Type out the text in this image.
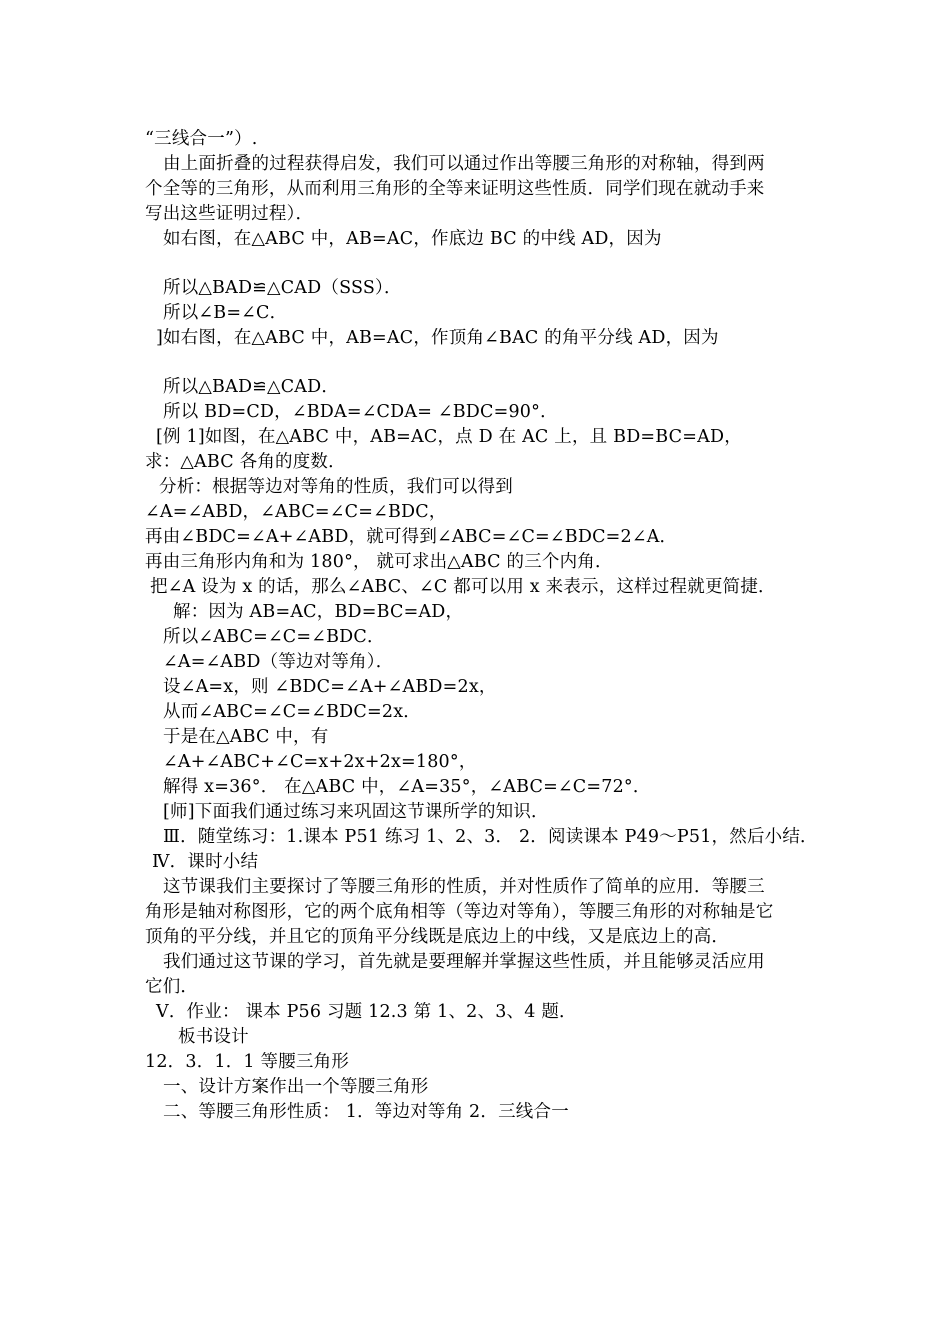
“三线合一”）.
由上面折叠的过程获得启发，我们可以通过作出等腰三角形的对称轴，得到两
个全等的三角形，从而利用三角形的全等来证明这些性质．同学们现在就动手来
写出这些证明过程）．
如右图，在△ABC 中，AB=AC，作底边 BC 的中线 AD，因为
所以△BAD≌△CAD（SSS）．
所以∠B=∠C．
]如右图，在△ABC 中，AB=AC，作顶角∠BAC 的角平分线 AD，因为
所以△BAD≌△CAD．
所以 BD=CD，∠BDA=∠CDA= ∠BDC=90°．
[例 1]如图，在△ABC 中，AB=AC，点 D 在 AC 上，且 BD=BC=AD，
求：△ABC 各角的度数．
分析：根据等边对等角的性质，我们可以得到
∠A=∠ABD，∠ABC=∠C=∠BDC，
再由∠BDC=∠A+∠ABD，就可得到∠ABC=∠C=∠BDC=2∠A．
再由三角形内角和为 180°， 就可求出△ABC 的三个内角．
把∠A 设为 x 的话，那么∠ABC、∠C 都可以用 x 来表示，这样过程就更简捷．
解：因为 AB=AC，BD=BC=AD，
所以∠ABC=∠C=∠BDC．
∠A=∠ABD（等边对等角）．
设∠A=x，则 ∠BDC=∠A+∠ABD=2x，
从而∠ABC=∠C=∠BDC=2x．
于是在△ABC 中，有
∠A+∠ABC+∠C=x+2x+2x=180°，
解得 x=36°． 在△ABC 中，∠A=35°，∠ABC=∠C=72°．
[师]下面我们通过练习来巩固这节课所学的知识．
Ⅲ．随堂练习：1.课本 P51 练习 1、2、3． 2．阅读课本 P49～P51，然后小结．
Ⅳ．课时小结
这节课我们主要探讨了等腰三角形的性质，并对性质作了简单的应用．等腰三
角形是轴对称图形，它的两个底角相等（等边对等角），等腰三角形的对称轴是它
顶角的平分线，并且它的顶角平分线既是底边上的中线，又是底边上的高．
我们通过这节课的学习，首先就是要理解并掌握这些性质，并且能够灵活应用
它们．
Ⅴ．作业： 课本 P56 习题 12.3 第 1、2、3、4 题．
板书设计
12．3．1．1 等腰三角形
一、设计方案作出一个等腰三角形
二、等腰三角形性质： 1．等边对等角 2．三线合一
